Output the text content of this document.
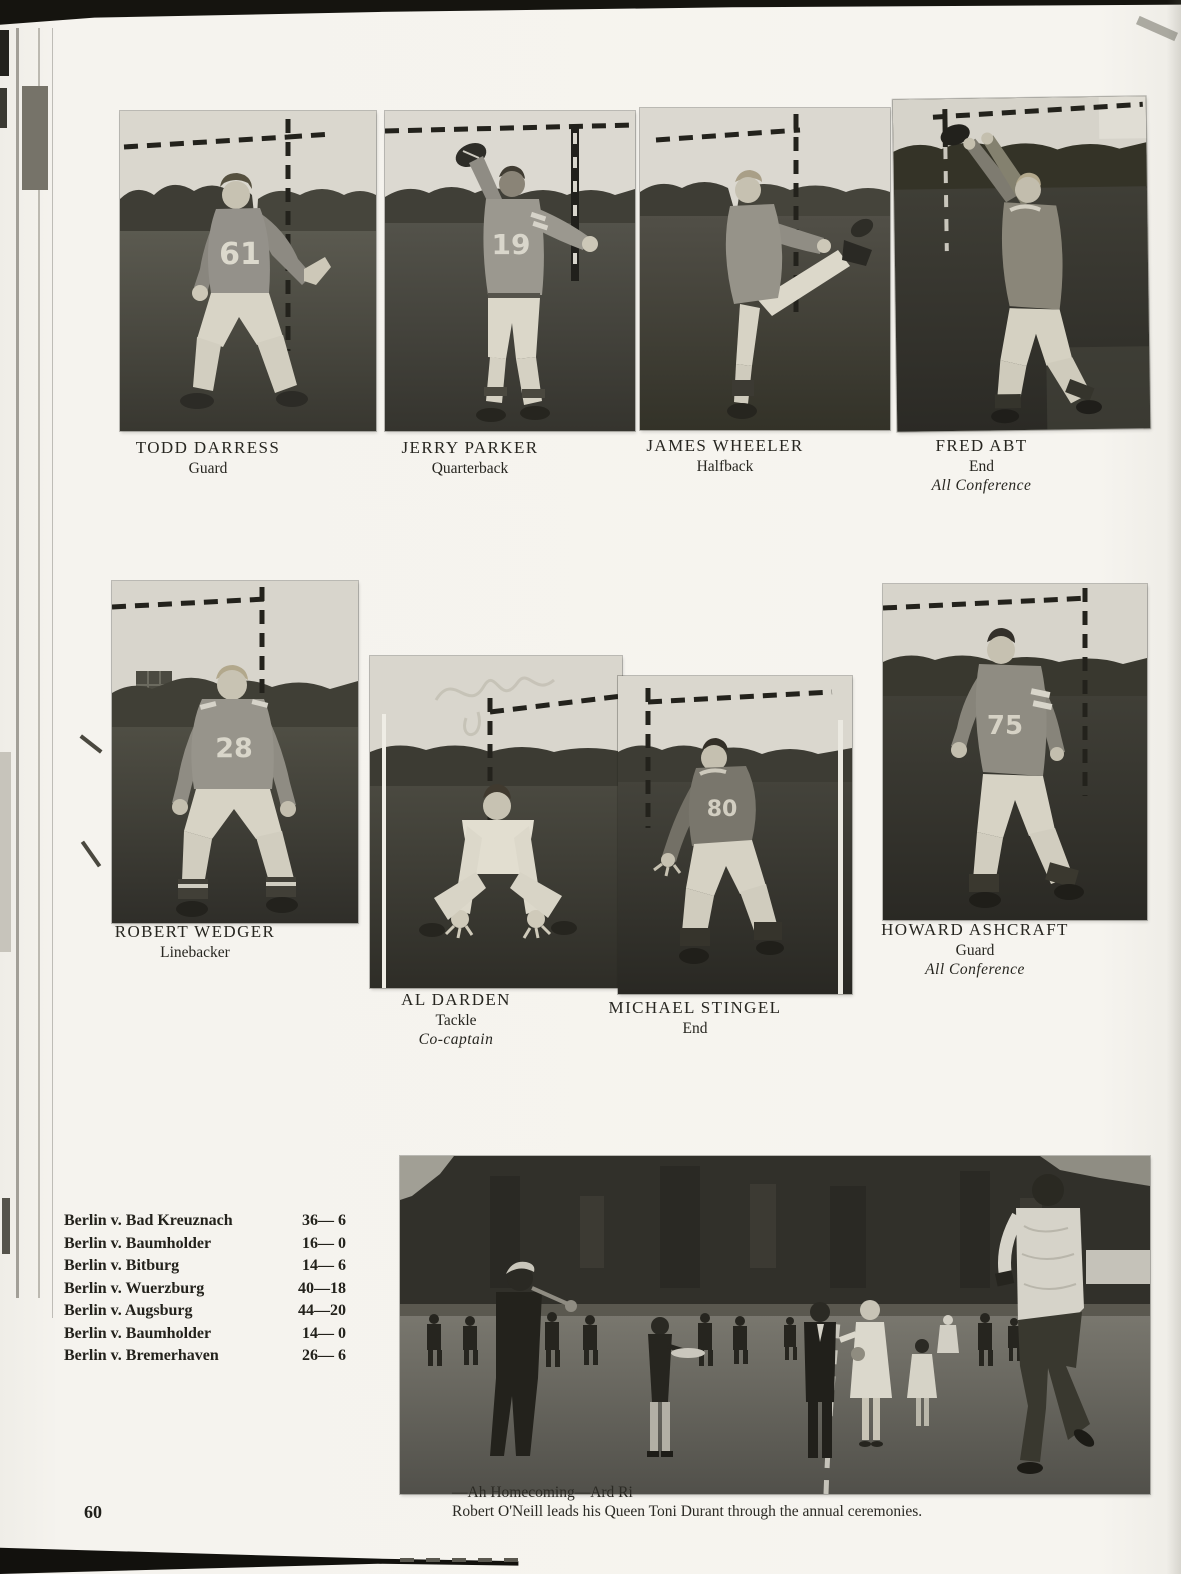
61	19
TODD DARRESS
Guard
JERRY PARKER
Quarterback
JAMES WHEELER
Halfback
FRED ABT
End
All Conference
28
80
75
ROBERT WEDGER
Linebacker
AL DARDEN
Tackle
Co-captain
MICHAEL STINGEL
End
HOWARD ASHCRAFT
Guard
All Conference
Berlin v. Bad Kreuznach	36— 6
Berlin v. Baumholder	16— 0
Berlin v. Bitburg	14— 6
Berlin v. Wuerzburg	40—18
Berlin v. Augsburg	44—20
Berlin v. Baumholder	14— 0
Berlin v. Bremerhaven	26— 6
—Ah Homecoming—Ard Ri
Robert O'Neill leads his Queen Toni Durant through the annual ceremonies.
60
